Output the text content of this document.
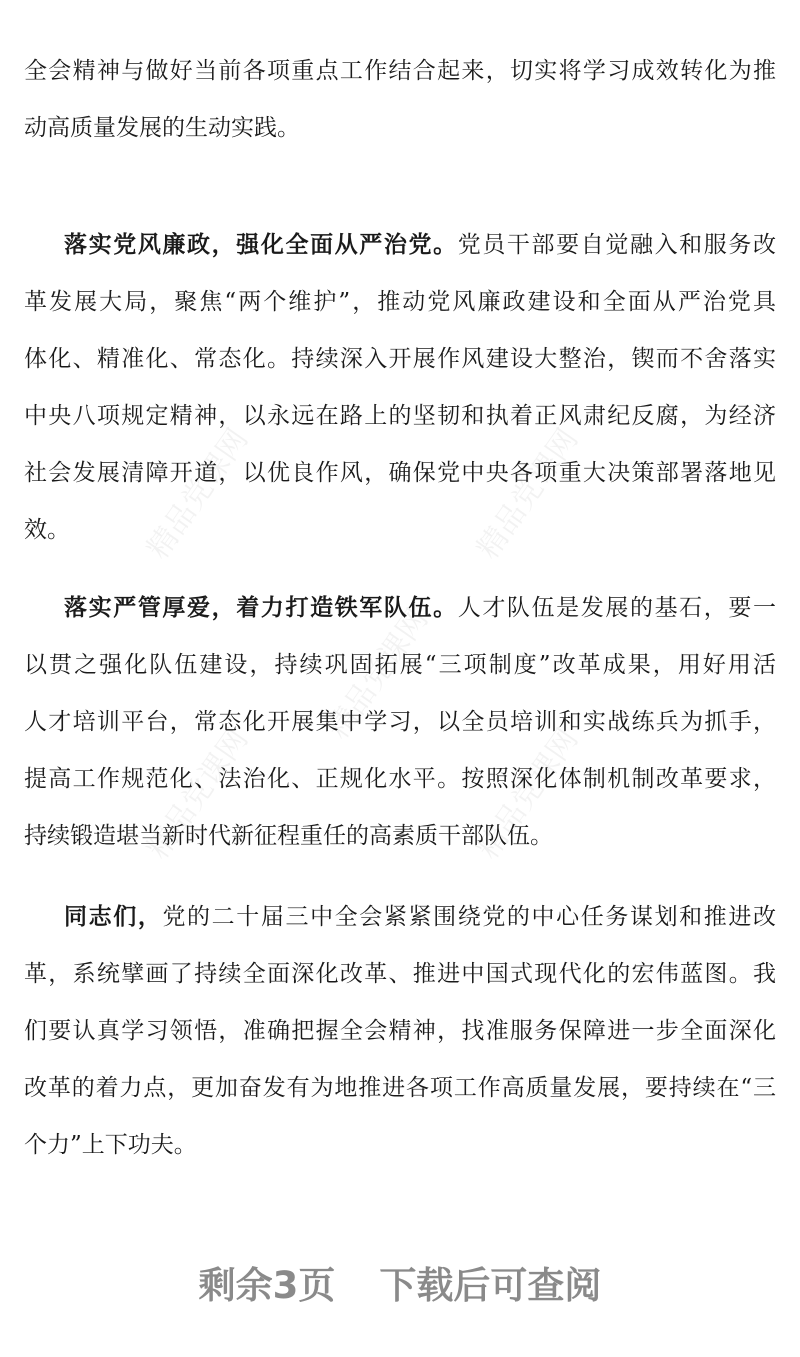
精品党课网	精品党课网
精品党课网
精品党课网	精品党课网
全会精神与做好当前各项重点工作结合起来，切实将学习成效转化为推
动高质量发展的生动实践。
落实党风廉政，强化全面从严治党。党员干部要自觉融入和服务改
革发展大局，聚焦“两个维护”，推动党风廉政建设和全面从严治党具
体化、精准化、常态化。持续深入开展作风建设大整治，锲而不舍落实
中央八项规定精神，以永远在路上的坚韧和执着正风肃纪反腐，为经济
社会发展清障开道，以优良作风，确保党中央各项重大决策部署落地见
效。
落实严管厚爱，着力打造铁军队伍。人才队伍是发展的基石，要一
以贯之强化队伍建设，持续巩固拓展“三项制度”改革成果，用好用活
人才培训平台，常态化开展集中学习，以全员培训和实战练兵为抓手，
提高工作规范化、法治化、正规化水平。按照深化体制机制改革要求，
持续锻造堪当新时代新征程重任的高素质干部队伍。
同志们，党的二十届三中全会紧紧围绕党的中心任务谋划和推进改
革，系统擘画了持续全面深化改革、推进中国式现代化的宏伟蓝图。我
们要认真学习领悟，准确把握全会精神，找准服务保障进一步全面深化
改革的着力点，更加奋发有为地推进各项工作高质量发展，要持续在“三
个力”上下功夫。
剩余3页 下载后可查阅
